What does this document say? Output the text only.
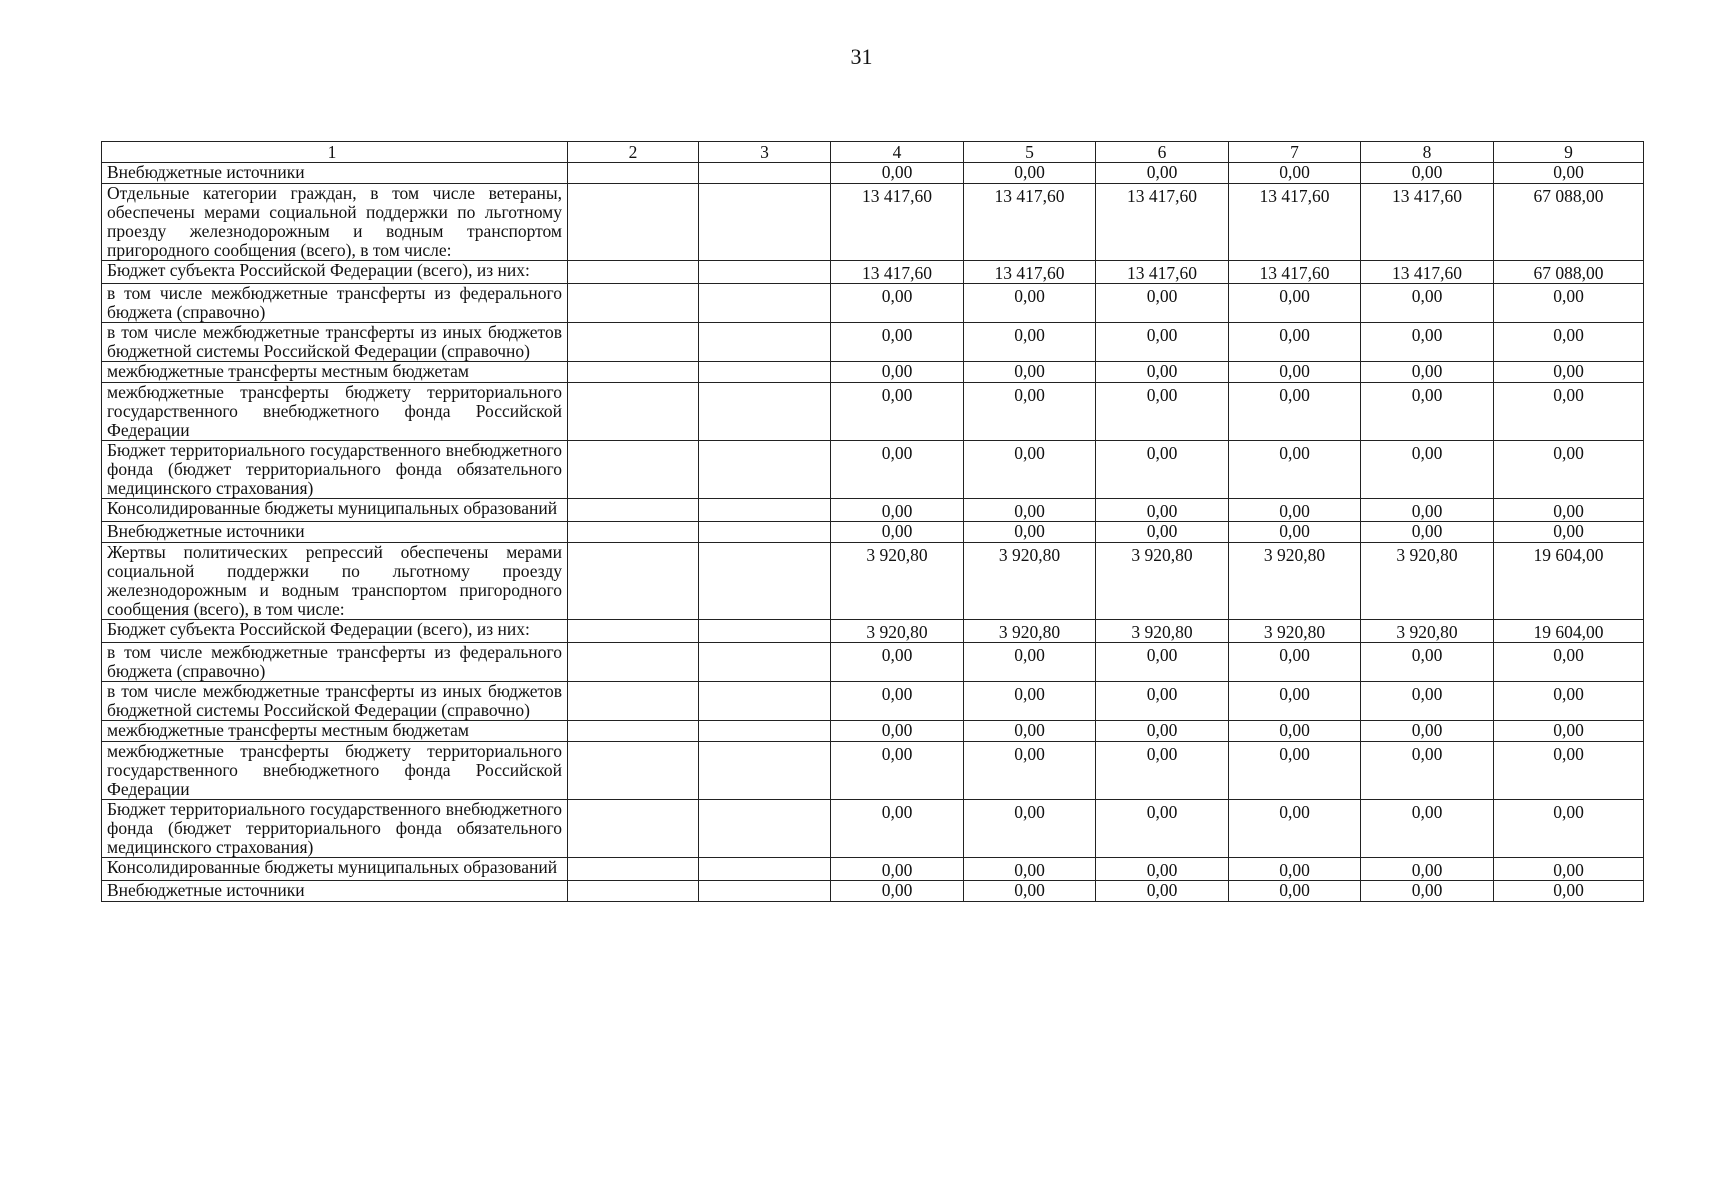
31
1	2	3	4	5	6	7	8	9
Внебюджетные источники			0,00	0,00	0,00	0,00	0,00	0,00
Отдельные категории граждан, в том числе ветераны, обеспечены мерами социальной поддержки по льготному проезду железнодорожным и водным транспортом пригородного сообщения (всего), в том числе:			13 417,60	13 417,60	13 417,60	13 417,60	13 417,60	67 088,00
Бюджет субъекта Российской Федерации (всего), из них:			13 417,60	13 417,60	13 417,60	13 417,60	13 417,60	67 088,00
в том числе межбюджетные трансферты из федерального бюджета (справочно)			0,00	0,00	0,00	0,00	0,00	0,00
в том числе межбюджетные трансферты из иных бюджетов бюджетной системы Российской Федерации (справочно)			0,00	0,00	0,00	0,00	0,00	0,00
межбюджетные трансферты местным бюджетам			0,00	0,00	0,00	0,00	0,00	0,00
межбюджетные трансферты бюджету территориального государственного внебюджетного фонда Российской Федерации			0,00	0,00	0,00	0,00	0,00	0,00
Бюджет территориального государственного внебюджетного фонда (бюджет территориального фонда обязательного медицинского страхования)			0,00	0,00	0,00	0,00	0,00	0,00
Консолидированные бюджеты муниципальных образований			0,00	0,00	0,00	0,00	0,00	0,00
Внебюджетные источники			0,00	0,00	0,00	0,00	0,00	0,00
Жертвы политических репрессий обеспечены мерами социальной поддержки по льготному проезду железнодорожным и водным транспортом пригородного сообщения (всего), в том числе:			3 920,80	3 920,80	3 920,80	3 920,80	3 920,80	19 604,00
Бюджет субъекта Российской Федерации (всего), из них:			3 920,80	3 920,80	3 920,80	3 920,80	3 920,80	19 604,00
в том числе межбюджетные трансферты из федерального бюджета (справочно)			0,00	0,00	0,00	0,00	0,00	0,00
в том числе межбюджетные трансферты из иных бюджетов бюджетной системы Российской Федерации (справочно)			0,00	0,00	0,00	0,00	0,00	0,00
межбюджетные трансферты местным бюджетам			0,00	0,00	0,00	0,00	0,00	0,00
межбюджетные трансферты бюджету территориального государственного внебюджетного фонда Российской Федерации			0,00	0,00	0,00	0,00	0,00	0,00
Бюджет территориального государственного внебюджетного фонда (бюджет территориального фонда обязательного медицинского страхования)			0,00	0,00	0,00	0,00	0,00	0,00
Консолидированные бюджеты муниципальных образований			0,00	0,00	0,00	0,00	0,00	0,00
Внебюджетные источники			0,00	0,00	0,00	0,00	0,00	0,00
